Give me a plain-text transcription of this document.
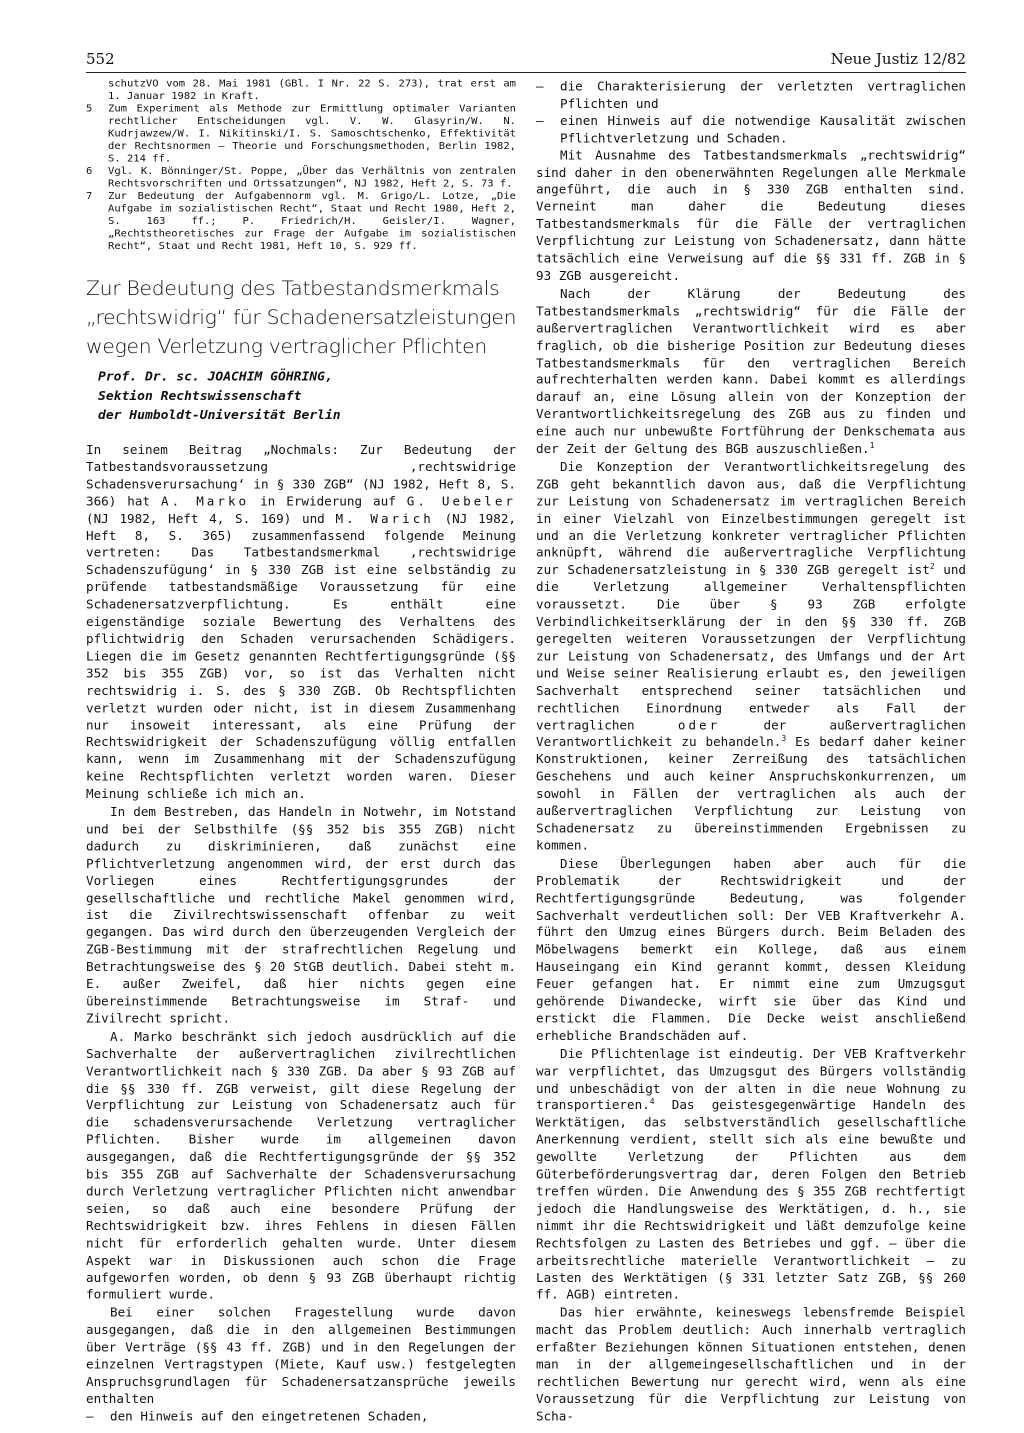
552	Neue Justiz 12/82
schutzVO vom 28. Mai 1981 (GBl. I Nr. 22 S. 273), trat erst am 1. Januar 1982 in Kraft.
5	Zum Experiment als Methode zur Ermittlung optimaler Varianten rechtlicher Entscheidungen vgl. V. W. Glasyrin/W. N. Kudrjawzew/W. I. Nikitinski/I. S. Samoschtschenko, Effektivität der Rechtsnormen – Theorie und Forschungsmethoden, Berlin 1982, S. 214 ff.
6	Vgl. K. Bönninger/St. Poppe, „Über das Verhältnis von zentralen Rechtsvorschriften und Ortssatzungen“, NJ 1982, Heft 2, S. 73 f.
7	Zur Bedeutung der Aufgabennorm vgl. M. Grigo/L. Lotze, „Die Aufgabe im sozialistischen Recht“, Staat und Recht 1980, Heft 2, S. 163 ff.; P. Friedrich/H. Geisler/I. Wagner, „Rechtstheoretisches zur Frage der Aufgabe im sozialistischen Recht“, Staat und Recht 1981, Heft 10, S. 929 ff.
Zur Bedeutung des Tatbestandsmerkmals
„rechtswidrig“ für Schadenersatzleistungen
wegen Verletzung vertraglicher Pflichten
Prof. Dr. sc. JOACHIM GÖHRING,
Sektion Rechtswissenschaft
der Humboldt-Universität Berlin

In seinem Beitrag „Nochmals: Zur Bedeutung der Tatbestandsvoraussetzung ‚rechtswidrige Schadensverursachung‘ in § 330 ZGB“ (NJ 1982, Heft 8, S. 366) hat A. Marko in Erwiderung auf G. Uebeler (NJ 1982, Heft 4, S. 169) und M. Warich (NJ 1982, Heft 8, S. 365) zusammenfassend folgende Meinung vertreten: Das Tatbestandsmerkmal ‚rechtswidrige Schadenszufügung‘ in § 330 ZGB ist eine selbständig zu prüfende tatbestandsmäßige Voraussetzung für eine Schadenersatzverpflichtung. Es enthält eine eigenständige soziale Bewertung des Verhaltens des pflichtwidrig den Schaden verursachenden Schädigers. Liegen die im Gesetz genannten Rechtfertigungsgründe (§§ 352 bis 355 ZGB) vor, so ist das Verhalten nicht rechtswidrig i. S. des § 330 ZGB. Ob Rechtspflichten verletzt wurden oder nicht, ist in diesem Zusammenhang nur insoweit interessant, als eine Prüfung der Rechtswidrigkeit der Schadenszufügung völlig entfallen kann, wenn im Zusammenhang mit der Schadenszufügung keine Rechtspflichten verletzt worden waren. Dieser Meinung schließe ich mich an.

In dem Bestreben, das Handeln in Notwehr, im Notstand und bei der Selbsthilfe (§§ 352 bis 355 ZGB) nicht dadurch zu diskriminieren, daß zunächst eine Pflichtverletzung angenommen wird, der erst durch das Vorliegen eines Rechtfertigungsgrundes der gesellschaftliche und rechtliche Makel genommen wird, ist die Zivilrechtswissenschaft offenbar zu weit gegangen. Das wird durch den überzeugenden Vergleich der ZGB-Bestimmung mit der strafrechtlichen Regelung und Betrachtungsweise des § 20 StGB deutlich. Dabei steht m. E. außer Zweifel, daß hier nichts gegen eine übereinstimmende Betrachtungsweise im Straf- und Zivilrecht spricht.

A. Marko beschränkt sich jedoch ausdrücklich auf die Sachverhalte der außervertraglichen zivilrechtlichen Verantwortlichkeit nach § 330 ZGB. Da aber § 93 ZGB auf die §§ 330 ff. ZGB verweist, gilt diese Regelung der Verpflichtung zur Leistung von Schadenersatz auch für die schadensverursachende Verletzung vertraglicher Pflichten. Bisher wurde im allgemeinen davon ausgegangen, daß die Rechtfertigungsgründe der §§ 352 bis 355 ZGB auf Sachverhalte der Schadensverursachung durch Verletzung vertraglicher Pflichten nicht anwendbar seien, so daß auch eine besondere Prüfung der Rechtswidrigkeit bzw. ihres Fehlens in diesen Fällen nicht für erforderlich gehalten wurde. Unter diesem Aspekt war in Diskussionen auch schon die Frage aufgeworfen worden, ob denn § 93 ZGB überhaupt richtig formuliert wurde.

Bei einer solchen Fragestellung wurde davon ausgegangen, daß die in den allgemeinen Bestimmungen über Verträge (§§ 43 ff. ZGB) und in den Regelungen der einzelnen Vertragstypen (Miete, Kauf usw.) festgelegten Anspruchsgrundlagen für Schadenersatzansprüche jeweils enthalten

–	den Hinweis auf den eingetretenen Schaden,
–	die Charakterisierung der verletzten vertraglichen Pflichten und
–	einen Hinweis auf die notwendige Kausalität zwischen Pflichtverletzung und Schaden.

Mit Ausnahme des Tatbestandsmerkmals „rechtswidrig“ sind daher in den obenerwähnten Regelungen alle Merkmale angeführt, die auch in § 330 ZGB enthalten sind. Verneint man daher die Bedeutung dieses Tatbestandsmerkmals für die Fälle der vertraglichen Verpflichtung zur Leistung von Schadenersatz, dann hätte tatsächlich eine Verweisung auf die §§ 331 ff. ZGB in § 93 ZGB ausgereicht.

Nach der Klärung der Bedeutung des Tatbestandsmerkmals „rechtswidrig“ für die Fälle der außervertraglichen Verantwortlichkeit wird es aber fraglich, ob die bisherige Position zur Bedeutung dieses Tatbestandsmerkmals für den vertraglichen Bereich aufrechterhalten werden kann. Dabei kommt es allerdings darauf an, eine Lösung allein von der Konzeption der Verantwortlichkeitsregelung des ZGB aus zu finden und eine auch nur unbewußte Fortführung der Denkschemata aus der Zeit der Geltung des BGB auszuschließen.$^1$

Die Konzeption der Verantwortlichkeitsregelung des ZGB geht bekanntlich davon aus, daß die Verpflichtung zur Leistung von Schadenersatz im vertraglichen Bereich in einer Vielzahl von Einzelbestimmungen geregelt ist und an die Verletzung konkreter vertraglicher Pflichten anknüpft, während die außervertragliche Verpflichtung zur Schadenersatzleistung in § 330 ZGB geregelt ist$^2$ und die Verletzung allgemeiner Verhaltenspflichten voraussetzt. Die über § 93 ZGB erfolgte Verbindlichkeitserklärung der in den §§ 330 ff. ZGB geregelten weiteren Voraussetzungen der Verpflichtung zur Leistung von Schadenersatz, des Umfangs und der Art und Weise seiner Realisierung erlaubt es, den jeweiligen Sachverhalt entsprechend seiner tatsächlichen und rechtlichen Einordnung entweder als Fall der vertraglichen oder der außervertraglichen Verantwortlichkeit zu behandeln.$^3$ Es bedarf daher keiner Konstruktionen, keiner Zerreißung des tatsächlichen Geschehens und auch keiner Anspruchskonkurrenzen, um sowohl in Fällen der vertraglichen als auch der außervertraglichen Verpflichtung zur Leistung von Schadenersatz zu übereinstimmenden Ergebnissen zu kommen.

Diese Überlegungen haben aber auch für die Problematik der Rechtswidrigkeit und der Rechtfertigungsgründe Bedeutung, was folgender Sachverhalt verdeutlichen soll: Der VEB Kraftverkehr A. führt den Umzug eines Bürgers durch. Beim Beladen des Möbelwagens bemerkt ein Kollege, daß aus einem Hauseingang ein Kind gerannt kommt, dessen Kleidung Feuer gefangen hat. Er nimmt eine zum Umzugsgut gehörende Diwandecke, wirft sie über das Kind und erstickt die Flammen. Die Decke weist anschließend erhebliche Brandschäden auf.

Die Pflichtenlage ist eindeutig. Der VEB Kraftverkehr war verpflichtet, das Umzugsgut des Bürgers vollständig und unbeschädigt von der alten in die neue Wohnung zu transportieren.$^4$ Das geistesgegenwärtige Handeln des Werktätigen, das selbstverständlich gesellschaftliche Anerkennung verdient, stellt sich als eine bewußte und gewollte Verletzung der Pflichten aus dem Güterbeförderungsvertrag dar, deren Folgen den Betrieb treffen würden. Die Anwendung des § 355 ZGB rechtfertigt jedoch die Handlungsweise des Werktätigen, d. h., sie nimmt ihr die Rechtswidrigkeit und läßt demzufolge keine Rechtsfolgen zu Lasten des Betriebes und ggf. – über die arbeitsrechtliche materielle Verantwortlichkeit – zu Lasten des Werktätigen (§ 331 letzter Satz ZGB, §§ 260 ff. AGB) eintreten.

Das hier erwähnte, keineswegs lebensfremde Beispiel macht das Problem deutlich: Auch innerhalb vertraglich erfaßter Beziehungen können Situationen entstehen, denen man in der allgemeingesellschaftlichen und in der rechtlichen Bewertung nur gerecht wird, wenn als eine Voraussetzung für die Verpflichtung zur Leistung von Scha-
